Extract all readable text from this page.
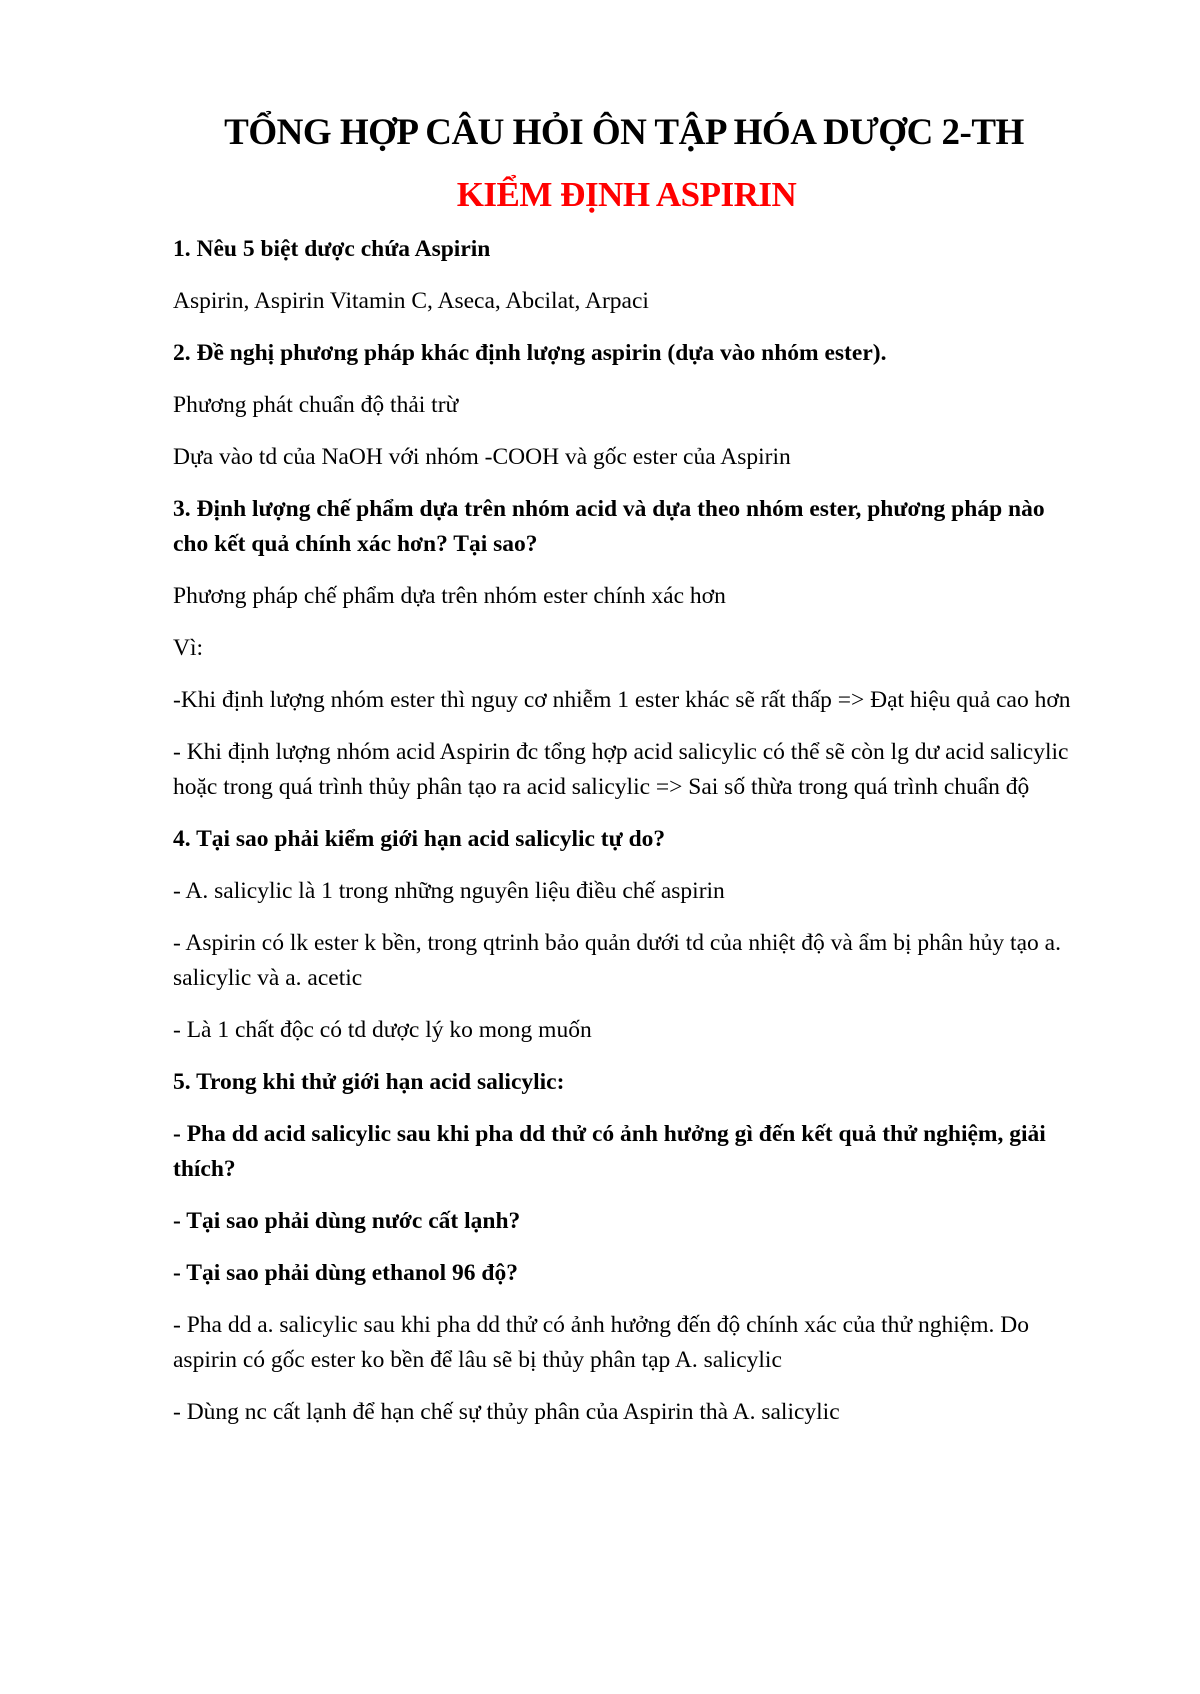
TỔNG HỢP CÂU HỎI ÔN TẬP HÓA DƯỢC 2-TH
KIỂM ĐỊNH ASPIRIN
1. Nêu 5 biệt dược chứa Aspirin
Aspirin, Aspirin Vitamin C, Aseca, Abcilat, Arpaci
2. Đề nghị phương pháp khác định lượng aspirin (dựa vào nhóm ester).
Phương phát chuẩn độ thải trừ
Dựa vào td của NaOH với nhóm -COOH và gốc ester của Aspirin
3. Định lượng chế phẩm dựa trên nhóm acid và dựa theo nhóm ester, phương pháp nào cho kết quả chính xác hơn? Tại sao?
Phương pháp chế phẩm dựa trên nhóm ester chính xác hơn
Vì:
-Khi định lượng nhóm ester thì nguy cơ nhiễm 1 ester khác sẽ rất thấp => Đạt hiệu quả cao hơn
- Khi định lượng nhóm acid Aspirin đc tổng hợp acid salicylic có thể sẽ còn lg dư acid salicylic hoặc trong quá trình thủy phân tạo ra acid salicylic => Sai số thừa trong quá trình chuẩn độ
4. Tại sao phải kiểm giới hạn acid salicylic tự do?
- A. salicylic là 1 trong những nguyên liệu điều chế aspirin
- Aspirin có lk ester k bền, trong qtrinh bảo quản dưới td của nhiệt độ và ẩm bị phân hủy tạo a. salicylic và a. acetic
- Là 1 chất độc có td dược lý ko mong muốn
5. Trong khi thử giới hạn acid salicylic:
- Pha dd acid salicylic sau khi pha dd thử có ảnh hưởng gì đến kết quả thử nghiệm, giải thích?
- Tại sao phải dùng nước cất lạnh?
- Tại sao phải dùng ethanol 96 độ?
- Pha dd a. salicylic sau khi pha dd thử có ảnh hưởng đến độ chính xác của thử nghiệm. Do aspirin có gốc ester ko bền để lâu sẽ bị thủy phân tạp A. salicylic
- Dùng nc cất lạnh để hạn chế sự thủy phân của Aspirin thà A. salicylic
